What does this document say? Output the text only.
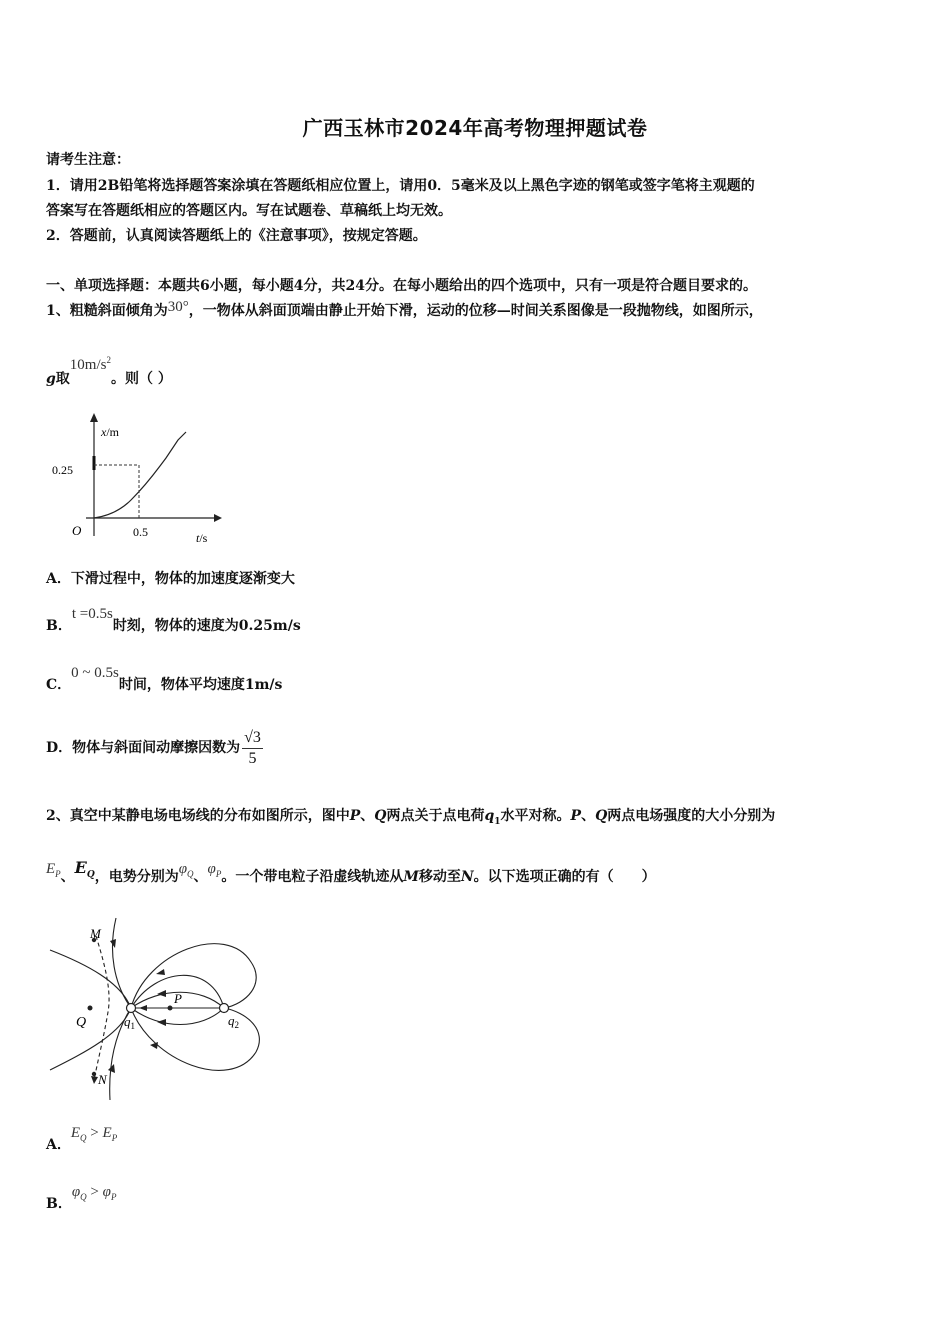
广西玉林市2024年高考物理押题试卷
请考生注意：
1．请用2B铅笔将选择题答案涂填在答题纸相应位置上，请用0．5毫米及以上黑色字迹的钢笔或签字笔将主观题的
答案写在答题纸相应的答题区内。写在试题卷、草稿纸上均无效。
2．答题前，认真阅读答题纸上的《注意事项》，按规定答题。
一、单项选择题：本题共6小题，每小题4分，共24分。在每小题给出的四个选项中，只有一项是符合题目要求的。
1、粗糙斜面倾角为30°，一物体从斜面顶端由静止开始下滑，运动的位移—时间关系图像是一段抛物线，如图所示，
g取$10m/s^2$。则（ ）
x/m
0.25
O	0.5	t/s
A．下滑过程中，物体的加速度逐渐变大
B．t =0.5s时刻，物体的速度为0.25m/s
C．0 ~ 0.5s时间，物体平均速度1m/s
D．物体与斜面间动摩擦因数为 $\frac{√3}{5}$
2、真空中某静电场电场线的分布如图所示，图中P、Q两点关于点电荷$q_1$水平对称。P、Q两点电场强度的大小分别为
$E_P$、$E_Q$，电势分别为$\varphi_Q$、$\varphi_P$。一个带电粒子沿虚线轨迹从M移动至N。以下选项正确的有（　　）
M
N
Q
P
$q_1$	$q_2$
A．$E_Q > E_P$
B．$\varphi_Q > \varphi_P$
